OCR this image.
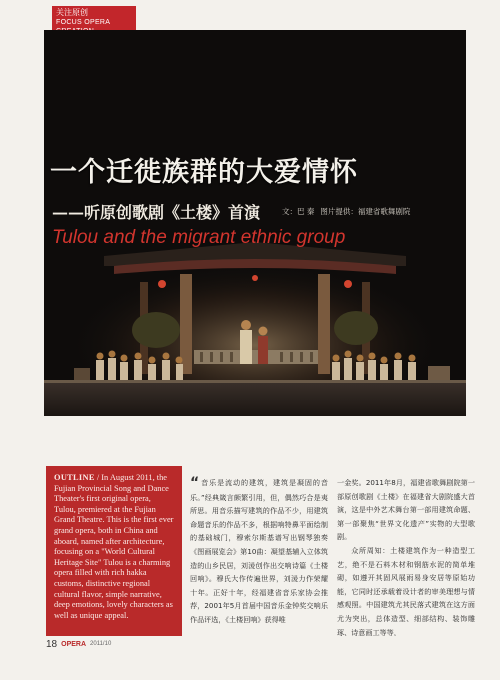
关注原创
FOCUS OPERA
一个迁徙族群的大爱情怀
——听原创歌剧《土楼》首演	文：巴 秦 图片提供：福建省歌舞剧院
Tulou and the migrant ethnic group
OUTLINE / In August 2011, the Fujian Provincial Song and Dance Theater's first original opera, Tulou, premiered at the Fujian Grand Theatre. This is the first ever grand opera, both in China and aboard, named after architecture, focusing on a "World Cultural Heritage Site" Tulou is a charming opera filled with rich hakka customs, distinctive regional cultural flavor, simple narrative, deep emotions, lovely characters as well as unique appeal.

“音乐是流动的建筑，建筑是凝固的音乐。”经典箴言颇繁引用，但，偶然巧合是夷所思。用音乐描写建筑的作品不少，用建筑命题音乐的作品不多，根据响特鼻平面绘制的基础城门，穆索尔斯基谱写出钢琴独奏《图画展览会》第10曲：凝望基辅入立体筑造的山乡民居，刘湲创作出交响诗篇《土楼回响》。穆氏大作传遍世界，刘湲力作荣耀十年。正好十年，经福建省音乐家协会推荐，2001年5月首届中国音乐金钟奖交响乐作品评选，《土楼回响》获得唯

一金奖。2011年8月，福建省歌舞剧院第一部原创歌剧《土楼》在福建省大剧院盛大首演，这是中外艺术舞台第一部用建筑命题、第一部聚焦“世界文化遗产”实物的大型歌剧。

众所周知：土楼建筑作为一种造型工艺，绝不是石料木材和钢筋水泥的简单堆砌，如遵开其固风展雨易身安居等原始功能，它同时还承载着设计者的审美理想与情感观照。中国建筑尤其民落式建筑在这方面尤为突出，总体造型、细部结构、装饰雕琢、诗意画工等等，

18 OPERA 2011/10
